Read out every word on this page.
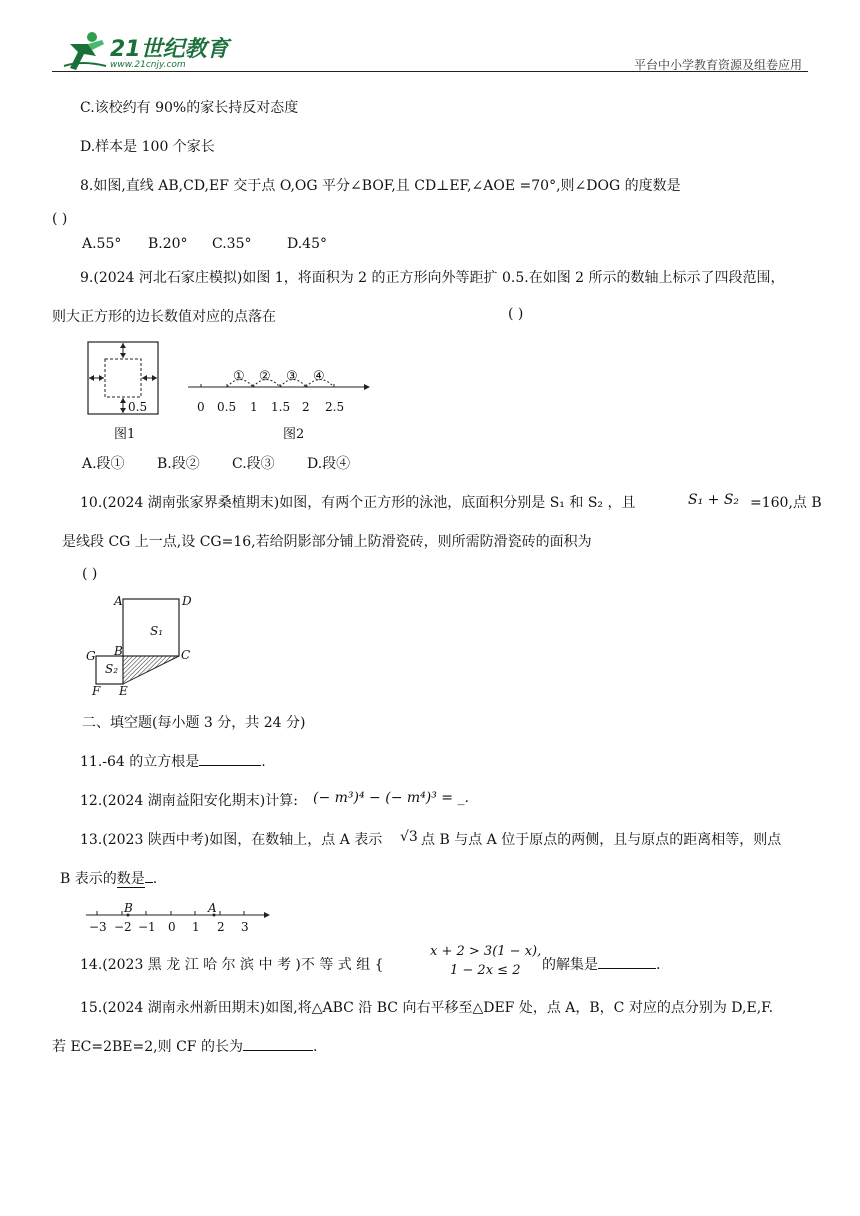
21世纪教育
www.21cnjy.com	平台中小学教育资源及组卷应用
C.该校约有 90%的家长持反对态度
D.样本是 100 个家长
8.如图,直线 AB,CD,EF 交于点 O,OG 平分∠BOF,且 CD⊥EF,∠AOE =70°,则∠DOG 的度数是
( )
A.55° B.20° C.35°	D.45°
9.(2024 河北石家庄模拟)如图 1，将面积为 2 的正方形向外等距扩 0.5.在如图 2 所示的数轴上标示了四段范围，
则大正方形的边长数值对应的点落在	( )
0.5
图1
① ② ③ ④
0 0.5 1 1.5 2 2.5
图2
A.段① B.段② C.段③ D.段④
10.(2024 湖南张家界桑植期末)如图，有两个正方形的泳池，底面积分别是 S₁ 和 S₂ ，且	S₁ + S₂ =160,点 B
是线段 CG 上一点,设 CG=16,若给阴影部分铺上防滑瓷砖，则所需防滑瓷砖的面积为
( )
A	D
S₁
G B	C
S₂
F E
二、填空题(每小题 3 分，共 24 分)
11.-64 的立方根是	.
12.(2024 湖南益阳安化期末)计算: (− m³)⁴ − (− m⁴)³ = _.
13.(2023 陕西中考)如图，在数轴上，点 A 表示 √3 点 B 与点 A 位于原点的两侧，且与原点的距离相等，则点
B 表示的数是 .
B	A
−3 −2 −1 0 1 2 3
14.(2023 黑 龙 江 哈 尔 滨 中 考 )不 等 式 组 {
x + 2 > 3(1 − x),
1 − 2x ≤ 2 的解集是	.
15.(2024 湖南永州新田期末)如图,将△ABC 沿 BC 向右平移至△DEF 处，点 A，B，C 对应的点分别为 D,E,F.
若 EC=2BE=2,则 CF 的长为	.
